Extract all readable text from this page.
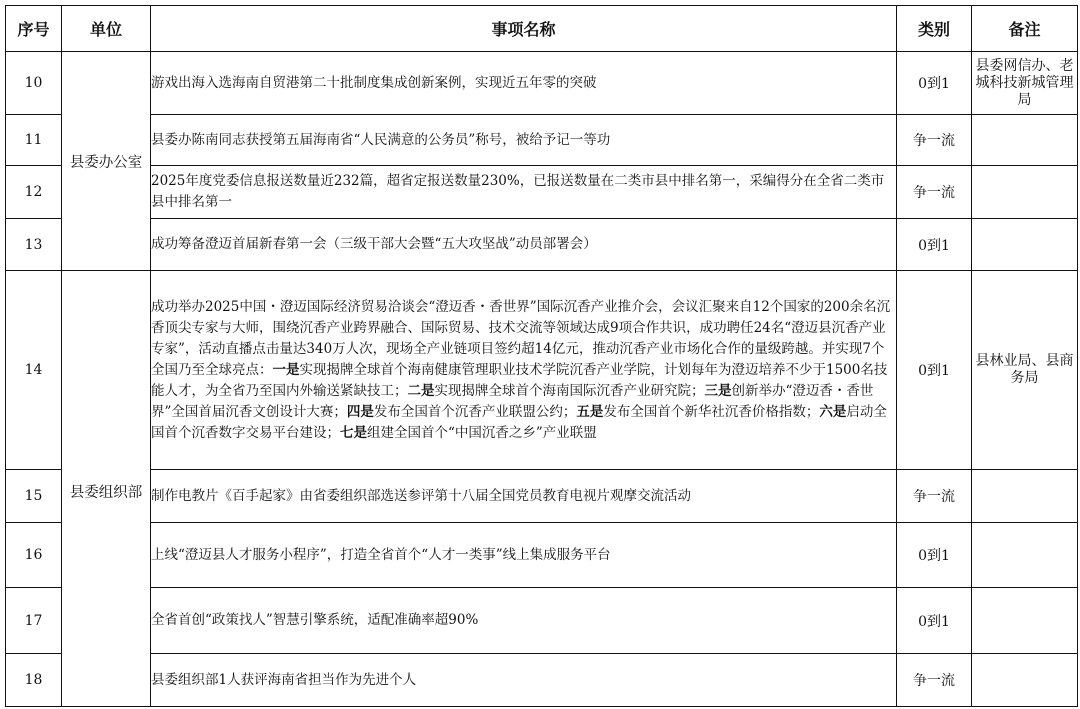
序号	单位	事项名称	类别	备注
10	县委办公室	游戏出海入选海南自贸港第二十批制度集成创新案例，实现近五年零的突破	0到1	县委网信办、老城科技新城管理局
11		县委办陈南同志获授第五届海南省“人民满意的公务员”称号，被给予记一等功	争一流	
12		2025年度党委信息报送数量近232篇，超省定报送数量230%，已报送数量在二类市县中排名第一，采编得分在全省二类市县中排名第一	争一流	
13		成功筹备澄迈首届新春第一会（三级干部大会暨“五大攻坚战”动员部署会）	0到1	
14	县委组织部	成功举办2025中国・澄迈国际经济贸易洽谈会“澄迈香・香世界”国际沉香产业推介会，会议汇聚来自12个国家的200余名沉香顶尖专家与大师，围绕沉香产业跨界融合、国际贸易、技术交流等领域达成9项合作共识，成功聘任24名“澄迈县沉香产业专家”，活动直播点击量达340万人次，现场全产业链项目签约超14亿元，推动沉香产业市场化合作的量级跨越。并实现7个全国乃至全球亮点：一是实现揭牌全球首个海南健康管理职业技术学院沉香产业学院，计划每年为澄迈培养不少于1500名技能人才，为全省乃至国内外输送紧缺技工；二是实现揭牌全球首个海南国际沉香产业研究院；三是创新举办“澄迈香・香世界”全国首届沉香文创设计大赛；四是发布全国首个沉香产业联盟公约；五是发布全国首个新华社沉香价格指数；六是启动全国首个沉香数字交易平台建设；七是组建全国首个“中国沉香之乡”产业联盟	0到1	县林业局、县商务局
15		制作电教片《百手起家》由省委组织部选送参评第十八届全国党员教育电视片观摩交流活动	争一流	
16		上线“澄迈县人才服务小程序”，打造全省首个“人才一类事”线上集成服务平台	0到1	
17		全省首创“政策找人”智慧引擎系统，适配准确率超90%	0到1	
18		县委组织部1人获评海南省担当作为先进个人	争一流	
